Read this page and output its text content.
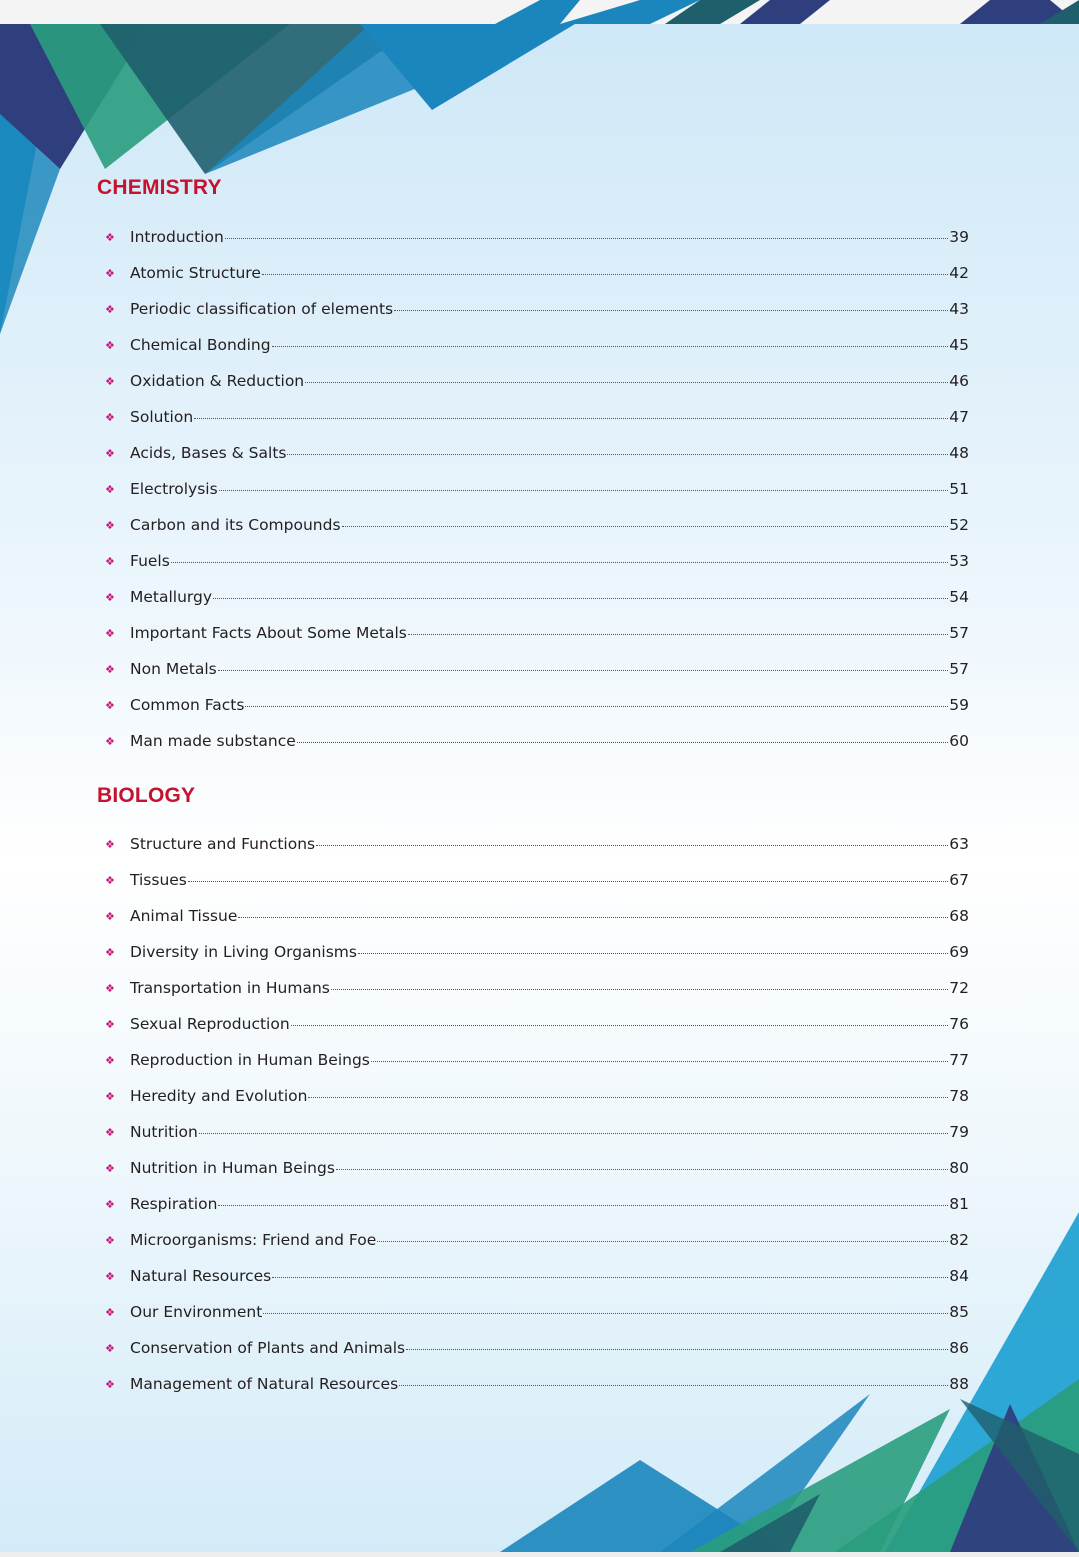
CHEMISTRY
❖ Introduction	39
❖ Atomic Structure	42
❖ Periodic classification of elements	43
❖ Chemical Bonding	45
❖ Oxidation & Reduction	46
❖ Solution	47
❖ Acids, Bases & Salts	48
❖ Electrolysis	51
❖ Carbon and its Compounds	52
❖ Fuels	53
❖ Metallurgy	54
❖ Important Facts About Some Metals	57
❖ Non Metals	57
❖ Common Facts	59
❖ Man made substance	60
BIOLOGY
❖ Structure and Functions	63
❖ Tissues	67
❖ Animal Tissue	68
❖ Diversity in Living Organisms	69
❖ Transportation in Humans	72
❖ Sexual Reproduction	76
❖ Reproduction in Human Beings	77
❖ Heredity and Evolution	78
❖ Nutrition	79
❖ Nutrition in Human Beings	80
❖ Respiration	81
❖ Microorganisms: Friend and Foe	82
❖ Natural Resources	84
❖ Our Environment	85
❖ Conservation of Plants and Animals	86
❖ Management of Natural Resources	88
